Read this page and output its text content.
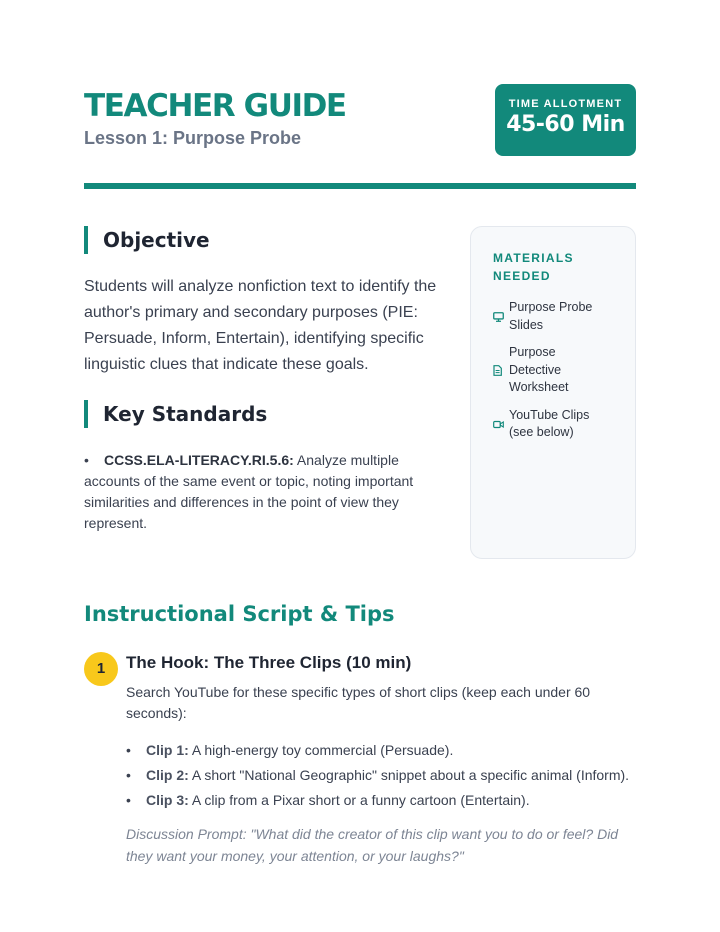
TEACHER GUIDE
Lesson 1: Purpose Probe
TIME ALLOTMENT
45-60 Min
Objective

Students will analyze nonfiction text to identify the author's primary and secondary purposes (PIE: Persuade, Inform, Entertain), identifying specific linguistic clues that indicate these goals.

Key Standards

• CCSS.ELA-LITERACY.RI.5.6: Analyze multiple accounts of the same event or topic, noting important similarities and differences in the point of view they represent.

MATERIALS NEEDED
Purpose Probe Slides
Purpose Detective Worksheet
YouTube Clips (see below)
Instructional Script & Tips
1	The Hook: The Three Clips (10 min)

Search YouTube for these specific types of short clips (keep each under 60 seconds):

• Clip 1: A high-energy toy commercial (Persuade).
• Clip 2: A short "National Geographic" snippet about a specific animal (Inform).
• Clip 3: A clip from a Pixar short or a funny cartoon (Entertain).

Discussion Prompt: "What did the creator of this clip want you to do or feel? Did they want your money, your attention, or your laughs?"
